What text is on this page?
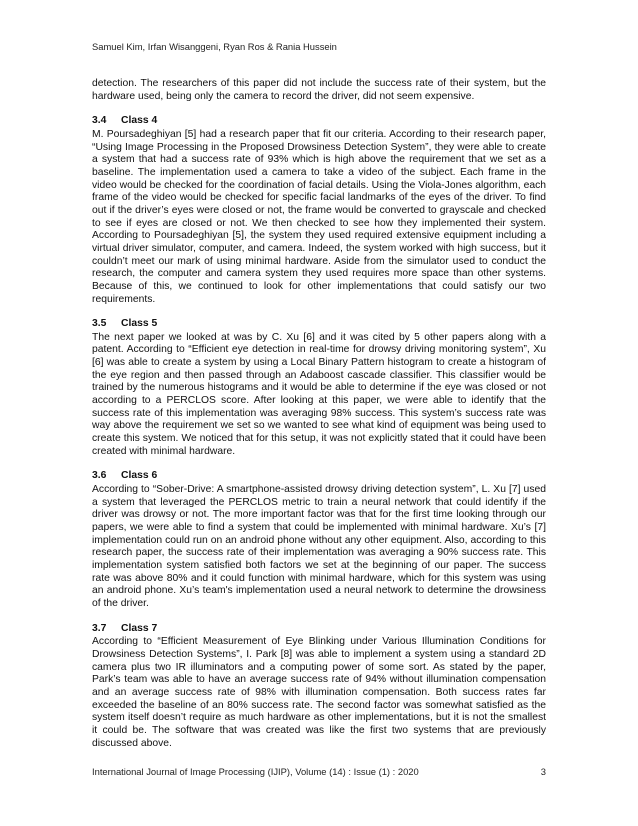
Samuel Kim, Irfan Wisanggeni, Ryan Ros & Rania Hussein

detection. The researchers of this paper did not include the success rate of their system, but the hardware used, being only the camera to record the driver, did not seem expensive.

3.4 Class 4

M. Poursadeghiyan [5] had a research paper that fit our criteria. According to their research paper, “Using Image Processing in the Proposed Drowsiness Detection System”, they were able to create a system that had a success rate of 93% which is high above the requirement that we set as a baseline. The implementation used a camera to take a video of the subject. Each frame in the video would be checked for the coordination of facial details. Using the Viola-Jones algorithm, each frame of the video would be checked for specific facial landmarks of the eyes of the driver. To find out if the driver’s eyes were closed or not, the frame would be converted to grayscale and checked to see if eyes are closed or not. We then checked to see how they implemented their system. According to Poursadeghiyan [5], the system they used required extensive equipment including a virtual driver simulator, computer, and camera. Indeed, the system worked with high success, but it couldn’t meet our mark of using minimal hardware. Aside from the simulator used to conduct the research, the computer and camera system they used requires more space than other systems. Because of this, we continued to look for other implementations that could satisfy our two requirements.

3.5 Class 5

The next paper we looked at was by C. Xu [6] and it was cited by 5 other papers along with a patent. According to “Efficient eye detection in real-time for drowsy driving monitoring system”, Xu [6] was able to create a system by using a Local Binary Pattern histogram to create a histogram of the eye region and then passed through an Adaboost cascade classifier. This classifier would be trained by the numerous histograms and it would be able to determine if the eye was closed or not according to a PERCLOS score. After looking at this paper, we were able to identify that the success rate of this implementation was averaging 98% success. This system’s success rate was way above the requirement we set so we wanted to see what kind of equipment was being used to create this system. We noticed that for this setup, it was not explicitly stated that it could have been created with minimal hardware.

3.6 Class 6

According to “Sober-Drive: A smartphone-assisted drowsy driving detection system”, L. Xu [7] used a system that leveraged the PERCLOS metric to train a neural network that could identify if the driver was drowsy or not. The more important factor was that for the first time looking through our papers, we were able to find a system that could be implemented with minimal hardware. Xu’s [7] implementation could run on an android phone without any other equipment. Also, according to this research paper, the success rate of their implementation was averaging a 90% success rate. This implementation system satisfied both factors we set at the beginning of our paper. The success rate was above 80% and it could function with minimal hardware, which for this system was using an android phone. Xu’s team's implementation used a neural network to determine the drowsiness of the driver.

3.7 Class 7

According to “Efficient Measurement of Eye Blinking under Various Illumination Conditions for Drowsiness Detection Systems”, I. Park [8] was able to implement a system using a standard 2D camera plus two IR illuminators and a computing power of some sort. As stated by the paper, Park’s team was able to have an average success rate of 94% without illumination compensation and an average success rate of 98% with illumination compensation. Both success rates far exceeded the baseline of an 80% success rate. The second factor was somewhat satisfied as the system itself doesn’t require as much hardware as other implementations, but it is not the smallest it could be. The software that was created was like the first two systems that are previously discussed above.

International Journal of Image Processing (IJIP), Volume (14) : Issue (1) : 2020	3
